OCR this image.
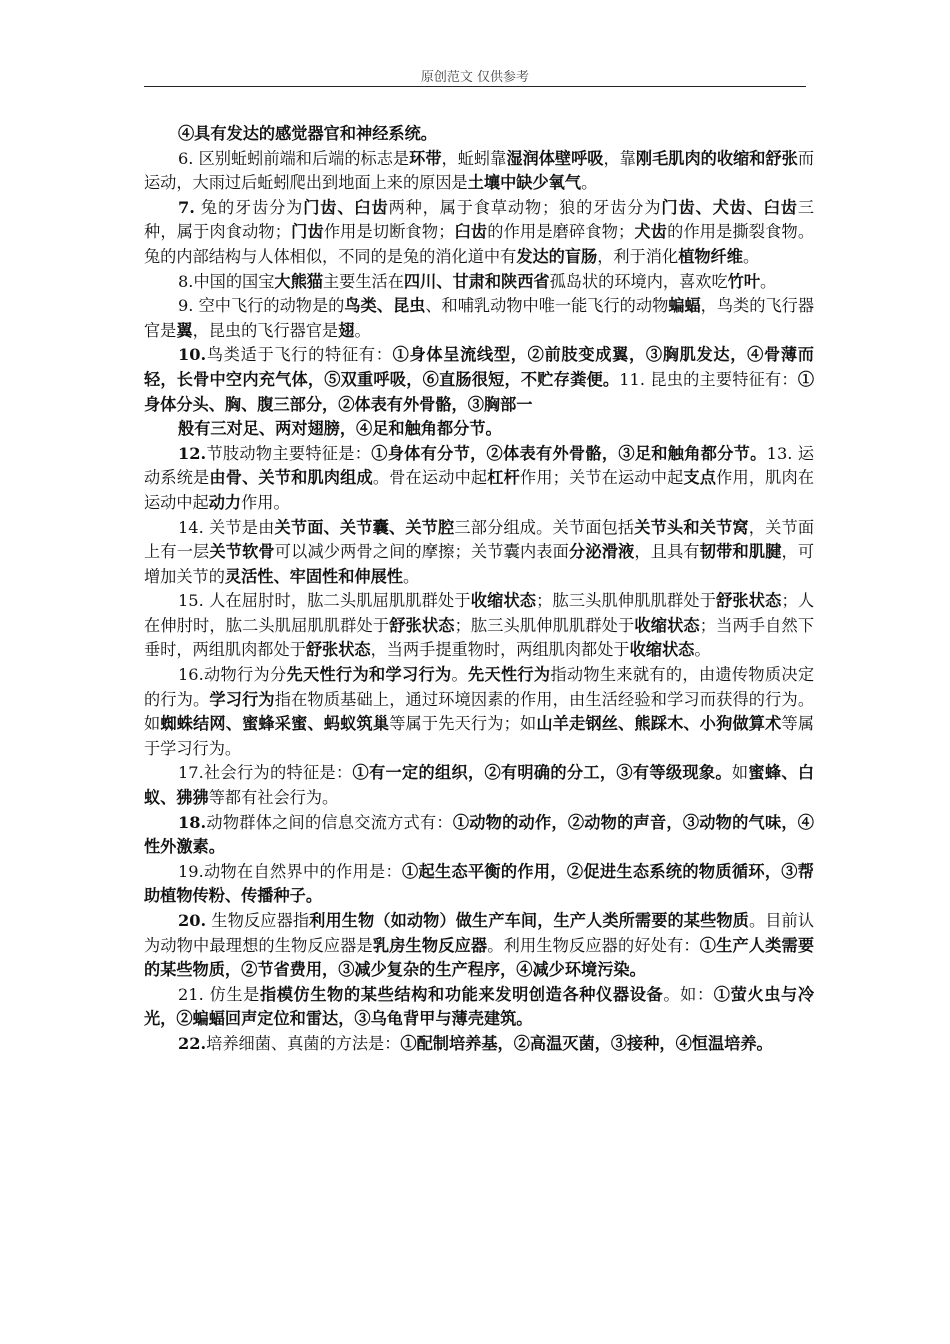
原创范文 仅供参考

④具有发达的感觉器官和神经系统。

6. 区别蚯蚓前端和后端的标志是环带，蚯蚓靠湿润体壁呼吸，靠刚毛肌肉的收缩和舒张而运动，大雨过后蚯蚓爬出到地面上来的原因是土壤中缺少氧气。

7. 兔的牙齿分为门齿、臼齿两种，属于食草动物；狼的牙齿分为门齿、犬齿、臼齿三种，属于肉食动物；门齿作用是切断食物；臼齿的作用是磨碎食物；犬齿的作用是撕裂食物。兔的内部结构与人体相似，不同的是兔的消化道中有发达的盲肠，利于消化植物纤维。

8.中国的国宝大熊猫主要生活在四川、甘肃和陕西省孤岛状的环境内，喜欢吃竹叶。

9. 空中飞行的动物是的鸟类、昆虫、和哺乳动物中唯一能飞行的动物蝙蝠，鸟类的飞行器官是翼，昆虫的飞行器官是翅。

10.鸟类适于飞行的特征有：①身体呈流线型，②前肢变成翼，③胸肌发达，④骨薄而轻，长骨中空内充气体，⑤双重呼吸，⑥直肠很短，不贮存粪便。11. 昆虫的主要特征有：①身体分头、胸、腹三部分，②体表有外骨骼，③胸部一

般有三对足、两对翅膀，④足和触角都分节。

12.节肢动物主要特征是：①身体有分节，②体表有外骨骼，③足和触角都分节。13. 运动系统是由骨、关节和肌肉组成。骨在运动中起杠杆作用；关节在运动中起支点作用，肌肉在运动中起动力作用。

14. 关节是由关节面、关节囊、关节腔三部分组成。关节面包括关节头和关节窝，关节面上有一层关节软骨可以减少两骨之间的摩擦；关节囊内表面分泌滑液，且具有韧带和肌腱，可增加关节的灵活性、牢固性和伸展性。

15. 人在屈肘时，肱二头肌屈肌肌群处于收缩状态；肱三头肌伸肌肌群处于舒张状态；人在伸肘时，肱二头肌屈肌肌群处于舒张状态；肱三头肌伸肌肌群处于收缩状态；当两手自然下垂时，两组肌肉都处于舒张状态，当两手提重物时，两组肌肉都处于收缩状态。

16.动物行为分先天性行为和学习行为。先天性行为指动物生来就有的，由遗传物质决定的行为。学习行为指在物质基础上，通过环境因素的作用，由生活经验和学习而获得的行为。如蜘蛛结网、蜜蜂采蜜、蚂蚁筑巢等属于先天行为；如山羊走钢丝、熊踩木、小狗做算术等属于学习行为。

17.社会行为的特征是：①有一定的组织，②有明确的分工，③有等级现象。如蜜蜂、白蚁、狒狒等都有社会行为。

18.动物群体之间的信息交流方式有：①动物的动作，②动物的声音，③动物的气味，④性外激素。

19.动物在自然界中的作用是：①起生态平衡的作用，②促进生态系统的物质循环，③帮助植物传粉、传播种子。

20. 生物反应器指利用生物（如动物）做生产车间，生产人类所需要的某些物质。目前认为动物中最理想的生物反应器是乳房生物反应器。利用生物反应器的好处有：①生产人类需要的某些物质，②节省费用，③减少复杂的生产程序，④减少环境污染。

21. 仿生是指模仿生物的某些结构和功能来发明创造各种仪器设备。如：①萤火虫与冷光，②蝙蝠回声定位和雷达，③乌龟背甲与薄壳建筑。

22.培养细菌、真菌的方法是：①配制培养基，②高温灭菌，③接种，④恒温培养。
